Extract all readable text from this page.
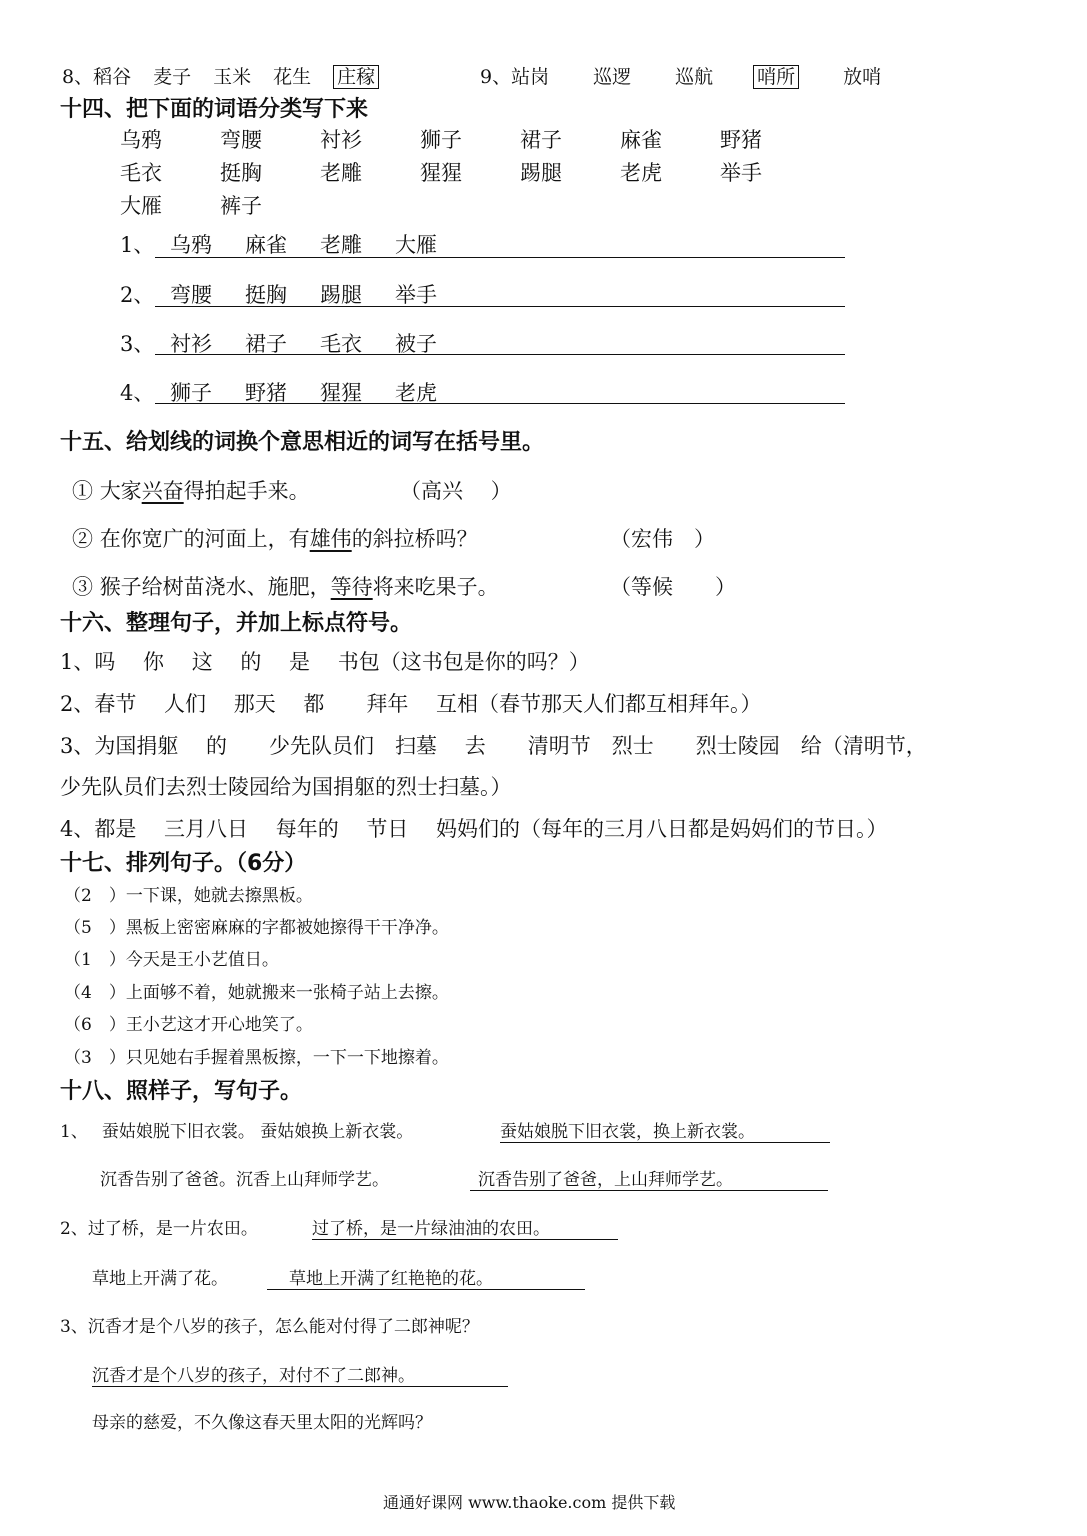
8、稻谷 麦子 玉米 花生 庄稼	9、站岗 巡逻 巡航 哨所	放哨
十四、把下面的词语分类写下来
乌鸦	弯腰	衬衫	狮子	裙子	麻雀	野猪
毛衣	挺胸	老雕	猩猩	踢腿	老虎	举手
大雁	裤子
1、 乌鸦 麻雀 老雕 大雁
2、 弯腰 挺胸 踢腿 举手
3、 衬衫 裙子 毛衣 被子
4、 狮子 野猪 猩猩 老虎
十五、给划线的词换个意思相近的词写在括号里。
① 大家兴奋得拍起手来。	（高兴　 ）
② 在你宽广的河面上，有雄伟的斜拉桥吗？	（宏伟　）
③ 猴子给树苗浇水、施肥，等待将来吃果子。	（等候　　）
十六、整理句子，并加上标点符号。
1、吗　 你　 这　 的　 是　 书包（这书包是你的吗？）
2、春节　 人们　 那天　 都　　拜年　 互相（春节那天人们都互相拜年。）
3、为国捐躯　 的　　少先队员们　扫墓　 去　　清明节　烈士　　烈士陵园　给（清明节，
少先队员们去烈士陵园给为国捐躯的烈士扫墓。）
4、都是　 三月八日　 每年的　 节日　 妈妈们的（每年的三月八日都是妈妈们的节日。）
十七、排列句子。（6分）
（2　）一下课，她就去擦黑板。
（5　）黑板上密密麻麻的字都被她擦得干干净净。
（1　）今天是王小艺值日。
（4　）上面够不着，她就搬来一张椅子站上去擦。
（6　）王小艺这才开心地笑了。
（3　）只见她右手握着黑板擦，一下一下地擦着。
十八、照样子，写句子。
1、 蚕姑娘脱下旧衣裳。 蚕姑娘换上新衣裳。	蚕姑娘脱下旧衣裳，换上新衣裳。
沉香告别了爸爸。沉香上山拜师学艺。	沉香告别了爸爸，上山拜师学艺。
2、过了桥，是一片农田。	过了桥，是一片绿油油的农田。
草地上开满了花。	草地上开满了红艳艳的花。
3、沉香才是个八岁的孩子，怎么能对付得了二郎神呢？
沉香才是个八岁的孩子，对付不了二郎神。
母亲的慈爱，不久像这春天里太阳的光辉吗？
通通好课网 www.thaoke.com 提供下载
